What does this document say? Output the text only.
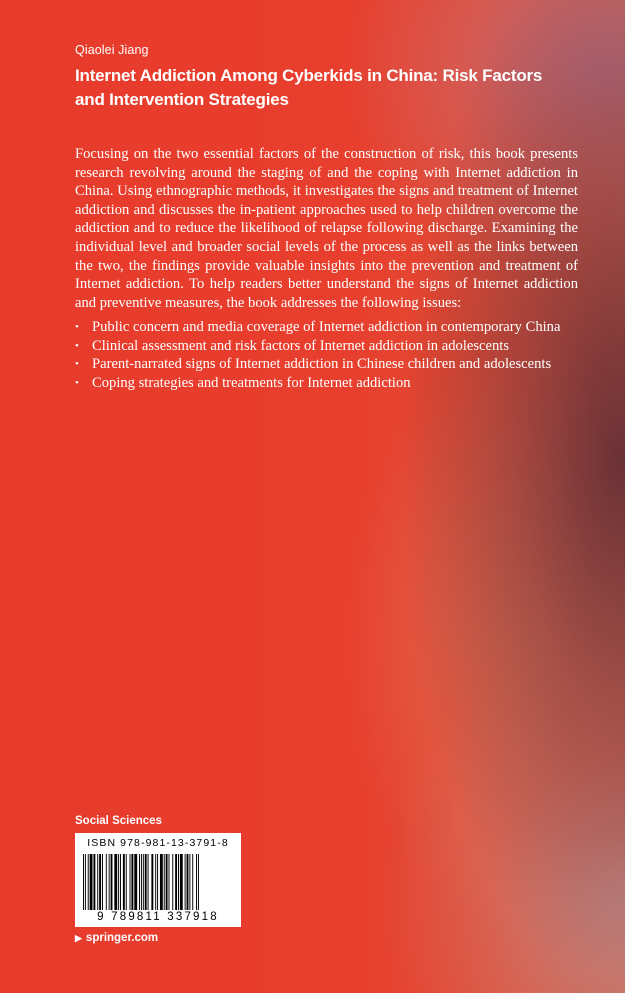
Qiaolei Jiang
Internet Addiction Among Cyberkids in China: Risk Factors and Intervention Strategies

Focusing on the two essential factors of the construction of risk, this book presents research revolving around the staging of and the coping with Internet addiction in China. Using ethnographic methods, it investigates the signs and treatment of Internet addiction and discusses the in-patient approaches used to help children overcome the addiction and to reduce the likelihood of relapse following discharge. Examining the individual level and broader social levels of the process as well as the links between the two, the findings provide valuable insights into the prevention and treatment of Internet addiction. To help readers better understand the signs of Internet addiction and preventive measures, the book addresses the following issues:

• Public concern and media coverage of Internet addiction in contemporary China
• Clinical assessment and risk factors of Internet addiction in adolescents
• Parent-narrated signs of Internet addiction in Chinese children and adolescents
• Coping strategies and treatments for Internet addiction
Social Sciences
ISBN 978-981-13-3791-8
9 789811 337918
▶ springer.com
